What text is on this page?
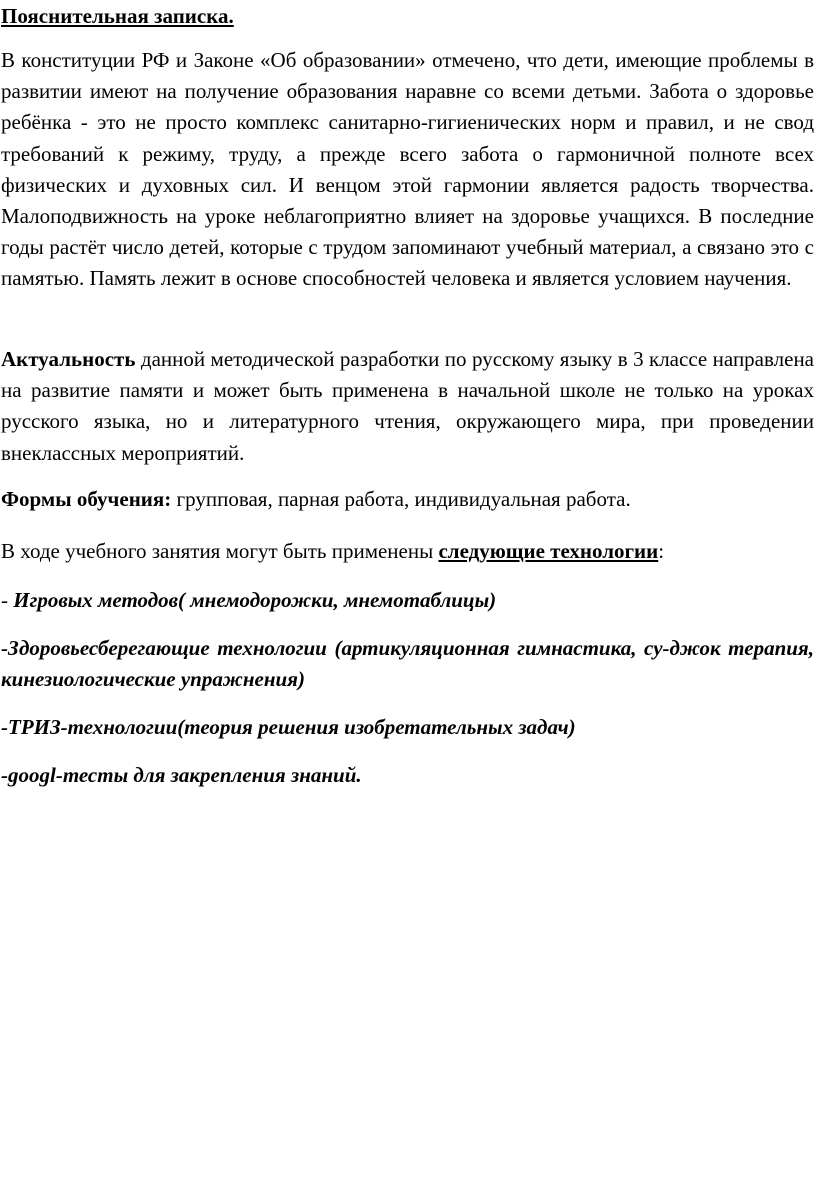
Пояснительная записка.

В конституции РФ и Законе «Об образовании» отмечено, что дети, имеющие проблемы в развитии имеют на получение образования наравне со всеми детьми. Забота о здоровье ребёнка - это не просто комплекс санитарно-гигиенических норм и правил, и не свод требований к режиму, труду, а прежде всего забота о гармоничной полноте всех физических и духовных сил. И венцом этой гармонии является радость творчества. Малоподвижность на уроке неблагоприятно влияет на здоровье учащихся. В последние годы растёт число детей, которые с трудом запоминают учебный материал, а связано это с памятью. Память лежит в основе способностей человека и является условием научения.

Актуальность данной методической разработки по русскому языку в 3 классе направлена на развитие памяти и может быть применена в начальной школе не только на уроках русского языка, но и литературного чтения, окружающего мира, при проведении внеклассных мероприятий.

Формы обучения: групповая, парная работа, индивидуальная работа.

В ходе учебного занятия могут быть применены следующие технологии:

- Игровых методов( мнемодорожки, мнемотаблицы)

-Здоровьесберегающие технологии (артикуляционная гимнастика, су-джок терапия, кинезиологические упражнения)

-ТРИЗ-технологии(теория решения изобретательных задач)

-googl-тесты для закрепления знаний.
